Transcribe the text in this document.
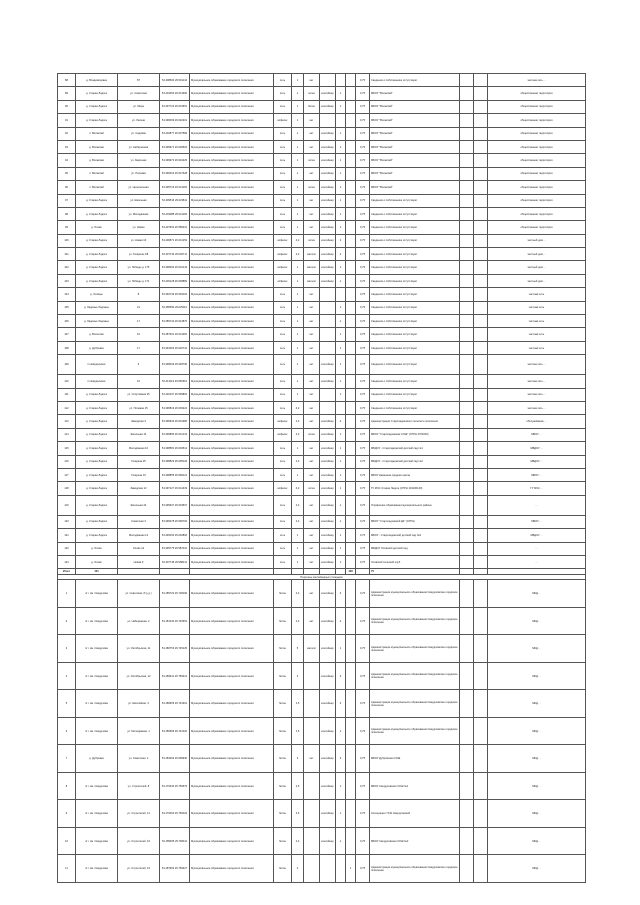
88	д. Владимировка	87	54.398600 29.591144	Муниципальное образование городского поселения	сеть	1	нет				0,75	Сведения о собственнике отсутствуют			частная сеть ...
89	д. Старая Ладога	ул. Советская	54.404250 29.614390	Муниципальное образование городского поселения	сеть	1	сетка	контейнер	1		0,75	МБОУ "Волжский"			общественная территория
90	д. Старая Ладога	ул. Мира	54.397722 29.619651	Муниципальное образование городского поселения	сеть	1	бетон	контейнер	1		0,75	МБОУ "Волжский"			общественная территория
91	д. Старая Ладога	ул. Лесная	54.396099 29.622201	Муниципальное образование городского поселения	асфальт	1	нет				0,75	МБОУ "Волжский"			общественная территория
92	п. Волжский	ул. Садовая	54.402877 29.637583	Муниципальное образование городского поселения	сеть	1	нет	контейнер	1		0,75	МБОУ "Волжский"			общественная территория
93	д. Волжская	ул. Набережная	54.399971 29.620502	Муниципальное образование городского поселения	сеть	1	нет	контейнер	1		0,75	МБОУ "Волжский"			общественная территория
94	д. Волжская	ул. Заречная	54.399973 29.624225	Муниципальное образование городского поселения	сеть	1	сетка	контейнер	1		0,75	МБОУ "Волжский"			общественная территория
95	п. Волжский	ул. Полевая	54.396404 29.627328	Муниципальное образование городского поселения	сеть	1	нет	контейнер	1		0,75	МБОУ "Волжский"			общественная территория
96	п. Волжский	ул. Центральная	54.395715 29.613181	Муниципальное образование городского поселения	сеть	1	сетка	контейнер	1		0,75	МБОУ "Волжский"			общественная территория
97	д. Старая Ладога	ул. Школьная	54.399516 29.623811	Муниципальное образование городского поселения	сеть	1	нет	контейнер	1		0,75	Сведения о собственнике отсутствуют			общественная территория
98	д. Старая Ладога	ул. Молодёжная	54.403088 29.621196	Муниципальное образование городского поселения	сеть	1	нет	контейнер	1		0,75	Сведения о собственнике отсутствуют			общественная территория
99	д. Осово	ул. Новая	54.407604 29.589431	Муниципальное образование городского поселения	сеть	1	нет	контейнер	1		0,75	Сведения о собственнике отсутствуют			общественная территория
100	д. Старая Ладога	ул. Новая 10	54.400871 29.614152	Муниципальное образование городского поселения	асфальт	4,2	сетка	контейнер	2		0,75	Сведения о собственнике отсутствуют			частный дом ...
101	д. Старая Ладога	ул. Гагарина 1/8	54.397743 29.606711	Муниципальное образование городского поселения	асфальт	4,2	металл	контейнер	2		0,75	Сведения о собственнике отсутствуют			частный дом ...
102	д. Старая Ладога	ул. Победы д. 175	54.398294 29.610143	Муниципальное образование городского поселения	асфальт	1	металл	контейнер	1		0,75	Сведения о собственнике отсутствуют			частный дом ...
103	д. Старая Ладога	ул. Победы д. 171	54.400128 29.609882	Муниципальное образование городского поселения	асфальт	1	металл	контейнер	1		0,75	Сведения о собственнике отсутствуют			частный дом ...
104	д. Осовцы	8	54.392749 29.593102	Муниципальное образование городского поселения	сеть	1	нет				0,75	Сведения о собственнике отсутствуют			частная сеть
105	д. Ладожье Ладожье	21	54.385650 29.625110	Муниципальное образование городского поселения	сеть	1	нет		1		0,75	Сведения о собственнике отсутствуют			частная сеть
106	д. Ладожье Ладожье	17	54.386742 29.621870	Муниципальное образование городского поселения	сеть	1	нет		1		0,75	Сведения о собственнике отсутствуют			частная сеть
107	д. Волосово	16	54.387301 29.614281	Муниципальное образование городского поселения	сеть	1	нет		1		0,75	Сведения о собственнике отсутствуют			частная сеть
108	д. Дубровка	17	54.391063 29.602741	Муниципальное образование городского поселения	сеть	1	нет		1		0,75	Сведения о собственнике отсутствуют			частная сеть
109	п.Новодолинск	6	54.398409 29.648796	Муниципальное образование городского поселения	сеть	1	нет	контейнер	1		0,75	Сведения о собственнике отсутствуют			частная сеть ...
110	п.Новодолинск	10	54.414119 29.659661	Муниципальное образование городского поселения	сеть	1	нет	контейнер	1		0,75	Сведения о собственнике отсутствуют			частная сеть ...
111	д. Старая Ладога	ул. Спортивная 25	54.402197 29.599862	Муниципальное образование городского поселения	сеть	1	нет		1		0,75	Сведения о собственнике отсутствуют			частная сеть ...
112	д. Старая Ладога	ул. Полевая 15	54.396819 29.603224	Муниципальное образование городского поселения	сеть	4,2	нет				0,75	Сведения о собственнике отсутствуют			частная сеть ...
113	д. Старая Ладога	Заводская 3	54.399933 29.601386	Муниципальное образование городского поселения	асфальт	4,2	нет	контейнер	2		0,75	Администрация Староладожского сельского поселения			обслуживание ...
114	д. Старая Ладога	Школьная 14	54.399895 29.612134	Муниципальное образование городского поселения	асфальт	4,2	сетка	контейнер	1		0,75	МБОУ "Староладожская СОШ" (ОГРН 4701003)			МБОУ ...
115	д. Старая Ладога	Молодёжная 10	54.398581 29.604512	Муниципальное образование городского поселения	сеть	1	нет	контейнер	1		0,75	МБДОУ - Староладожский детский сад №1			МБДОУ ...
116	д. Старая Ладога	Гагарина 25	54.398823 29.605126	Муниципальное образование городского поселения	сеть	4,2	нет	контейнер	1		0,75	МБДОУ - Староладожский детский сад №2			МБДОУ ...
117	д. Старая Ладога	Гагарина 10	54.398855 29.599121	Муниципальное образование городского поселения	сеть	1	нет	контейнер	1		0,75	МБОУ Каменная средняя школа			МБОУ ...
118	д. Старая Ладога	Заводская 12	54.397127 29.614433	Муниципальное образование городского поселения	асфальт	4,2	сетка	контейнер	1		0,75	ГУ МЧС Старая Ладога (ОГРН 104100130)			ГУ МЧС ...
119	д. Старая Ладога	Школьная 24	54.399637 29.604507	Муниципальное образование городского поселения	сеть	4,2	нет	контейнер	1		0,75	Управление образования муниципального района			...
120	д. Старая Ладога	Советская 3	54.399478 29.596792	Муниципальное образование городского поселения	сеть	4,2	нет	контейнер	1		0,75	МБОУ "Староладожский ДК" (ОГРН)			МБОУ ...
121	д. Старая Ладога	Молодёжная 14	54.399150 29.602800	Муниципальное образование городского поселения	сеть	1	нет	контейнер	1		0,75	МБОУ - Староладожский детский сад №3			МБДОУ ...
122	д. Осово	Осово 14	54.395775 29.587410	Муниципальное образование городского поселения	сеть	1	нет	контейнер	1		0,75	МБДОУ Осовский детский сад			...
123	д. Осово	Новая 9	54.397745 29.588211	Муниципальное образование городского поселения	сеть	1	нет	контейнер	1		0,75	Осовский сельский клуб			...
Итого	121									108		75			
Перечень контейнерных площадок															
1	пгт. им. Свердлова	ул. Советская, 8 (у д.)	54.185720 29.728196	Муниципальное образование городского поселения	бетон	4,2	нет	контейнер	3		0,75	Администрация муниципального образования Свердловское городское поселение			МКД ...
2	пгт. им. Свердлова	ул. Набережная, 2	54.181340 29.746651	Муниципальное образование городского поселения	бетон	4,2	нет	контейнер	2		0,75	Администрация муниципального образования Свердловское городское поселение			МКД ...
3	пгт. им. Свердлова	ул. Октябрьская, 11	54.180753 29.745125	Муниципальное образование городского поселения	бетон	5	металл	контейнер	1		0,75	Администрация муниципального образования Свердловское городское поселение			МКД ...
4	пгт. им. Свердлова	ул. Октябрьская, 12	54.189641 29.783214	Муниципальное образование городского поселения	бетон	3		контейнер	3		0,75	Администрация муниципального образования Свердловское городское поселение			МКД ...
5	пгт. им. Свердлова	ул. Шоссейная, 3	54.186665 29.743201	Муниципальное образование городского поселения	бетон	1,5		контейнер	3		0,75	Администрация муниципального образования Свердловское городское поселение			МКД ...
6	пгт. им. Свердлова	ул. Молодёжная, 1	54.180596 29.744120	Муниципальное образование городского поселения	бетон	1,5		контейнер	2		0,75	Администрация муниципального образования Свердловское городское поселение			МКД ...
7	д. Дубровка	ул. Советская, 2	54.183294 29.699940	Муниципальное образование городского поселения	бетон	3	нет	контейнер	3		0,75	МБОУ Дубровская СОШ			МКД ...
8	пгт. им. Свердлова	ул. Строителей, 8	54.179430 29.756675	Муниципальное образование городского поселения	бетон	2,5		контейнер	1		0,75	МБОУ Свердловская СОШ №1			МКД ...
9	пгт. им. Свердлова	ул. Строителей, 11	54.179460 29.760023	Муниципальное образование городского поселения	бетон	2,5		контейнер	1		0,75	Ассоциация ТСЖ Свердловский			МКД ...
10	пгт. им. Свердлова	ул. Строителей, 16	54.185455 29.768311	Муниципальное образование городского поселения	бетон	4,2		контейнер	1		0,75	МБОУ Свердловская СОШ №2			МКД ...
11	пгт. им. Свердлова	ул. Строителей, 19	54.187993 29.769327	Муниципальное образование городского поселения	бетон	4				1	0,75	Администрация муниципального образования Свердловское городское поселение			МКД ...
